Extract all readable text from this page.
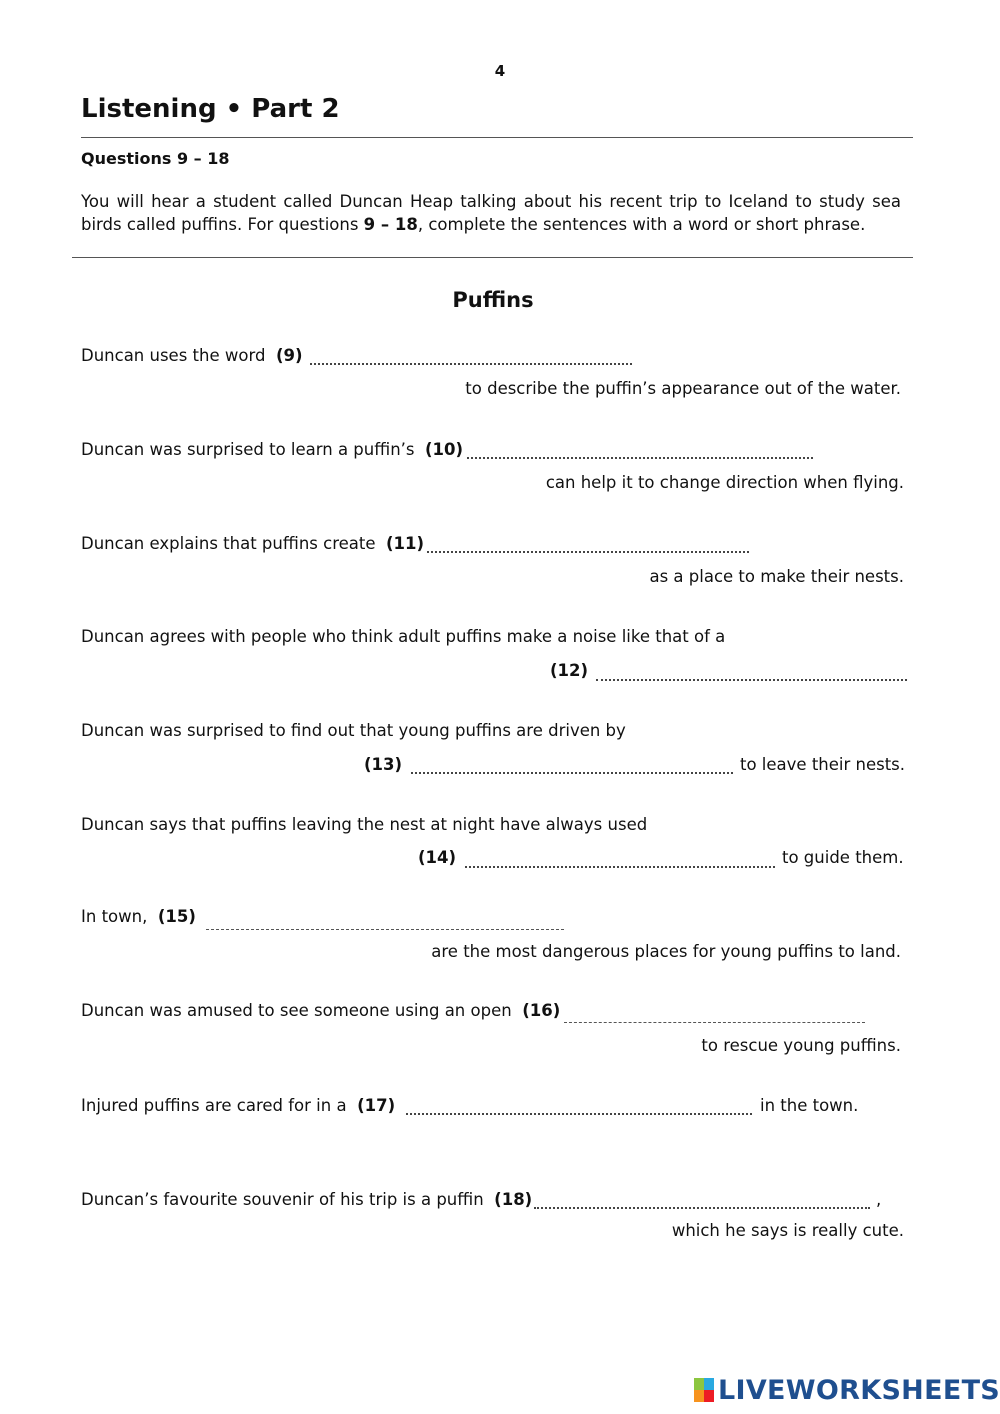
4
Listening • Part 2
Questions 9 – 18
You will hear a student called Duncan Heap talking about his recent trip to Iceland to study sea birds called puffins. For questions 9 – 18, complete the sentences with a word or short phrase.
Puffins
Duncan uses the word (9)
to describe the puffin’s appearance out of the water.
Duncan was surprised to learn a puffin’s (10)
can help it to change direction when flying.
Duncan explains that puffins create (11)
as a place to make their nests.
Duncan agrees with people who think adult puffins make a noise like that of a
(12)
Duncan was surprised to find out that young puffins are driven by
(13)	to leave their nests.
Duncan says that puffins leaving the nest at night have always used
(14)	to guide them.
In town, (15)
are the most dangerous places for young puffins to land.
Duncan was amused to see someone using an open (16)
to rescue young puffins.
Injured puffins are cared for in a (17)	in the town.
Duncan’s favourite souvenir of his trip is a puffin (18)	,
which he says is really cute.
LIVEWORKSHEETS
